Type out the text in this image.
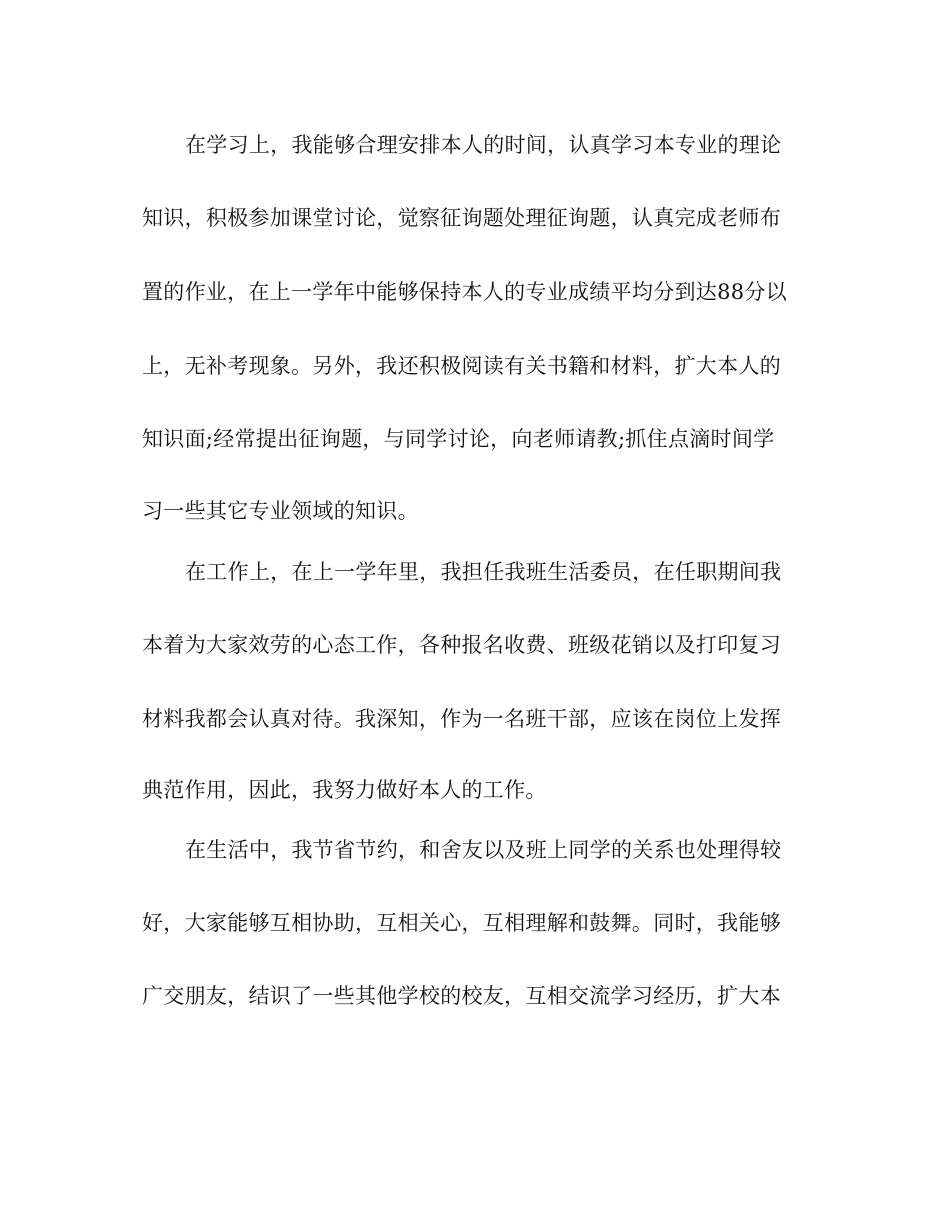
在学习上，我能够合理安排本人的时间，认真学习本专业的理论

知识，积极参加课堂讨论，觉察征询题处理征询题，认真完成老师布

置的作业，在上一学年中能够保持本人的专业成绩平均分到达88分以

上，无补考现象。另外，我还积极阅读有关书籍和材料，扩大本人的

知识面;经常提出征询题，与同学讨论，向老师请教;抓住点滴时间学

习一些其它专业领域的知识。

在工作上，在上一学年里，我担任我班生活委员，在任职期间我

本着为大家效劳的心态工作，各种报名收费、班级花销以及打印复习

材料我都会认真对待。我深知，作为一名班干部，应该在岗位上发挥

典范作用，因此，我努力做好本人的工作。

在生活中，我节省节约，和舍友以及班上同学的关系也处理得较

好，大家能够互相协助，互相关心，互相理解和鼓舞。同时，我能够

广交朋友，结识了一些其他学校的校友，互相交流学习经历，扩大本
